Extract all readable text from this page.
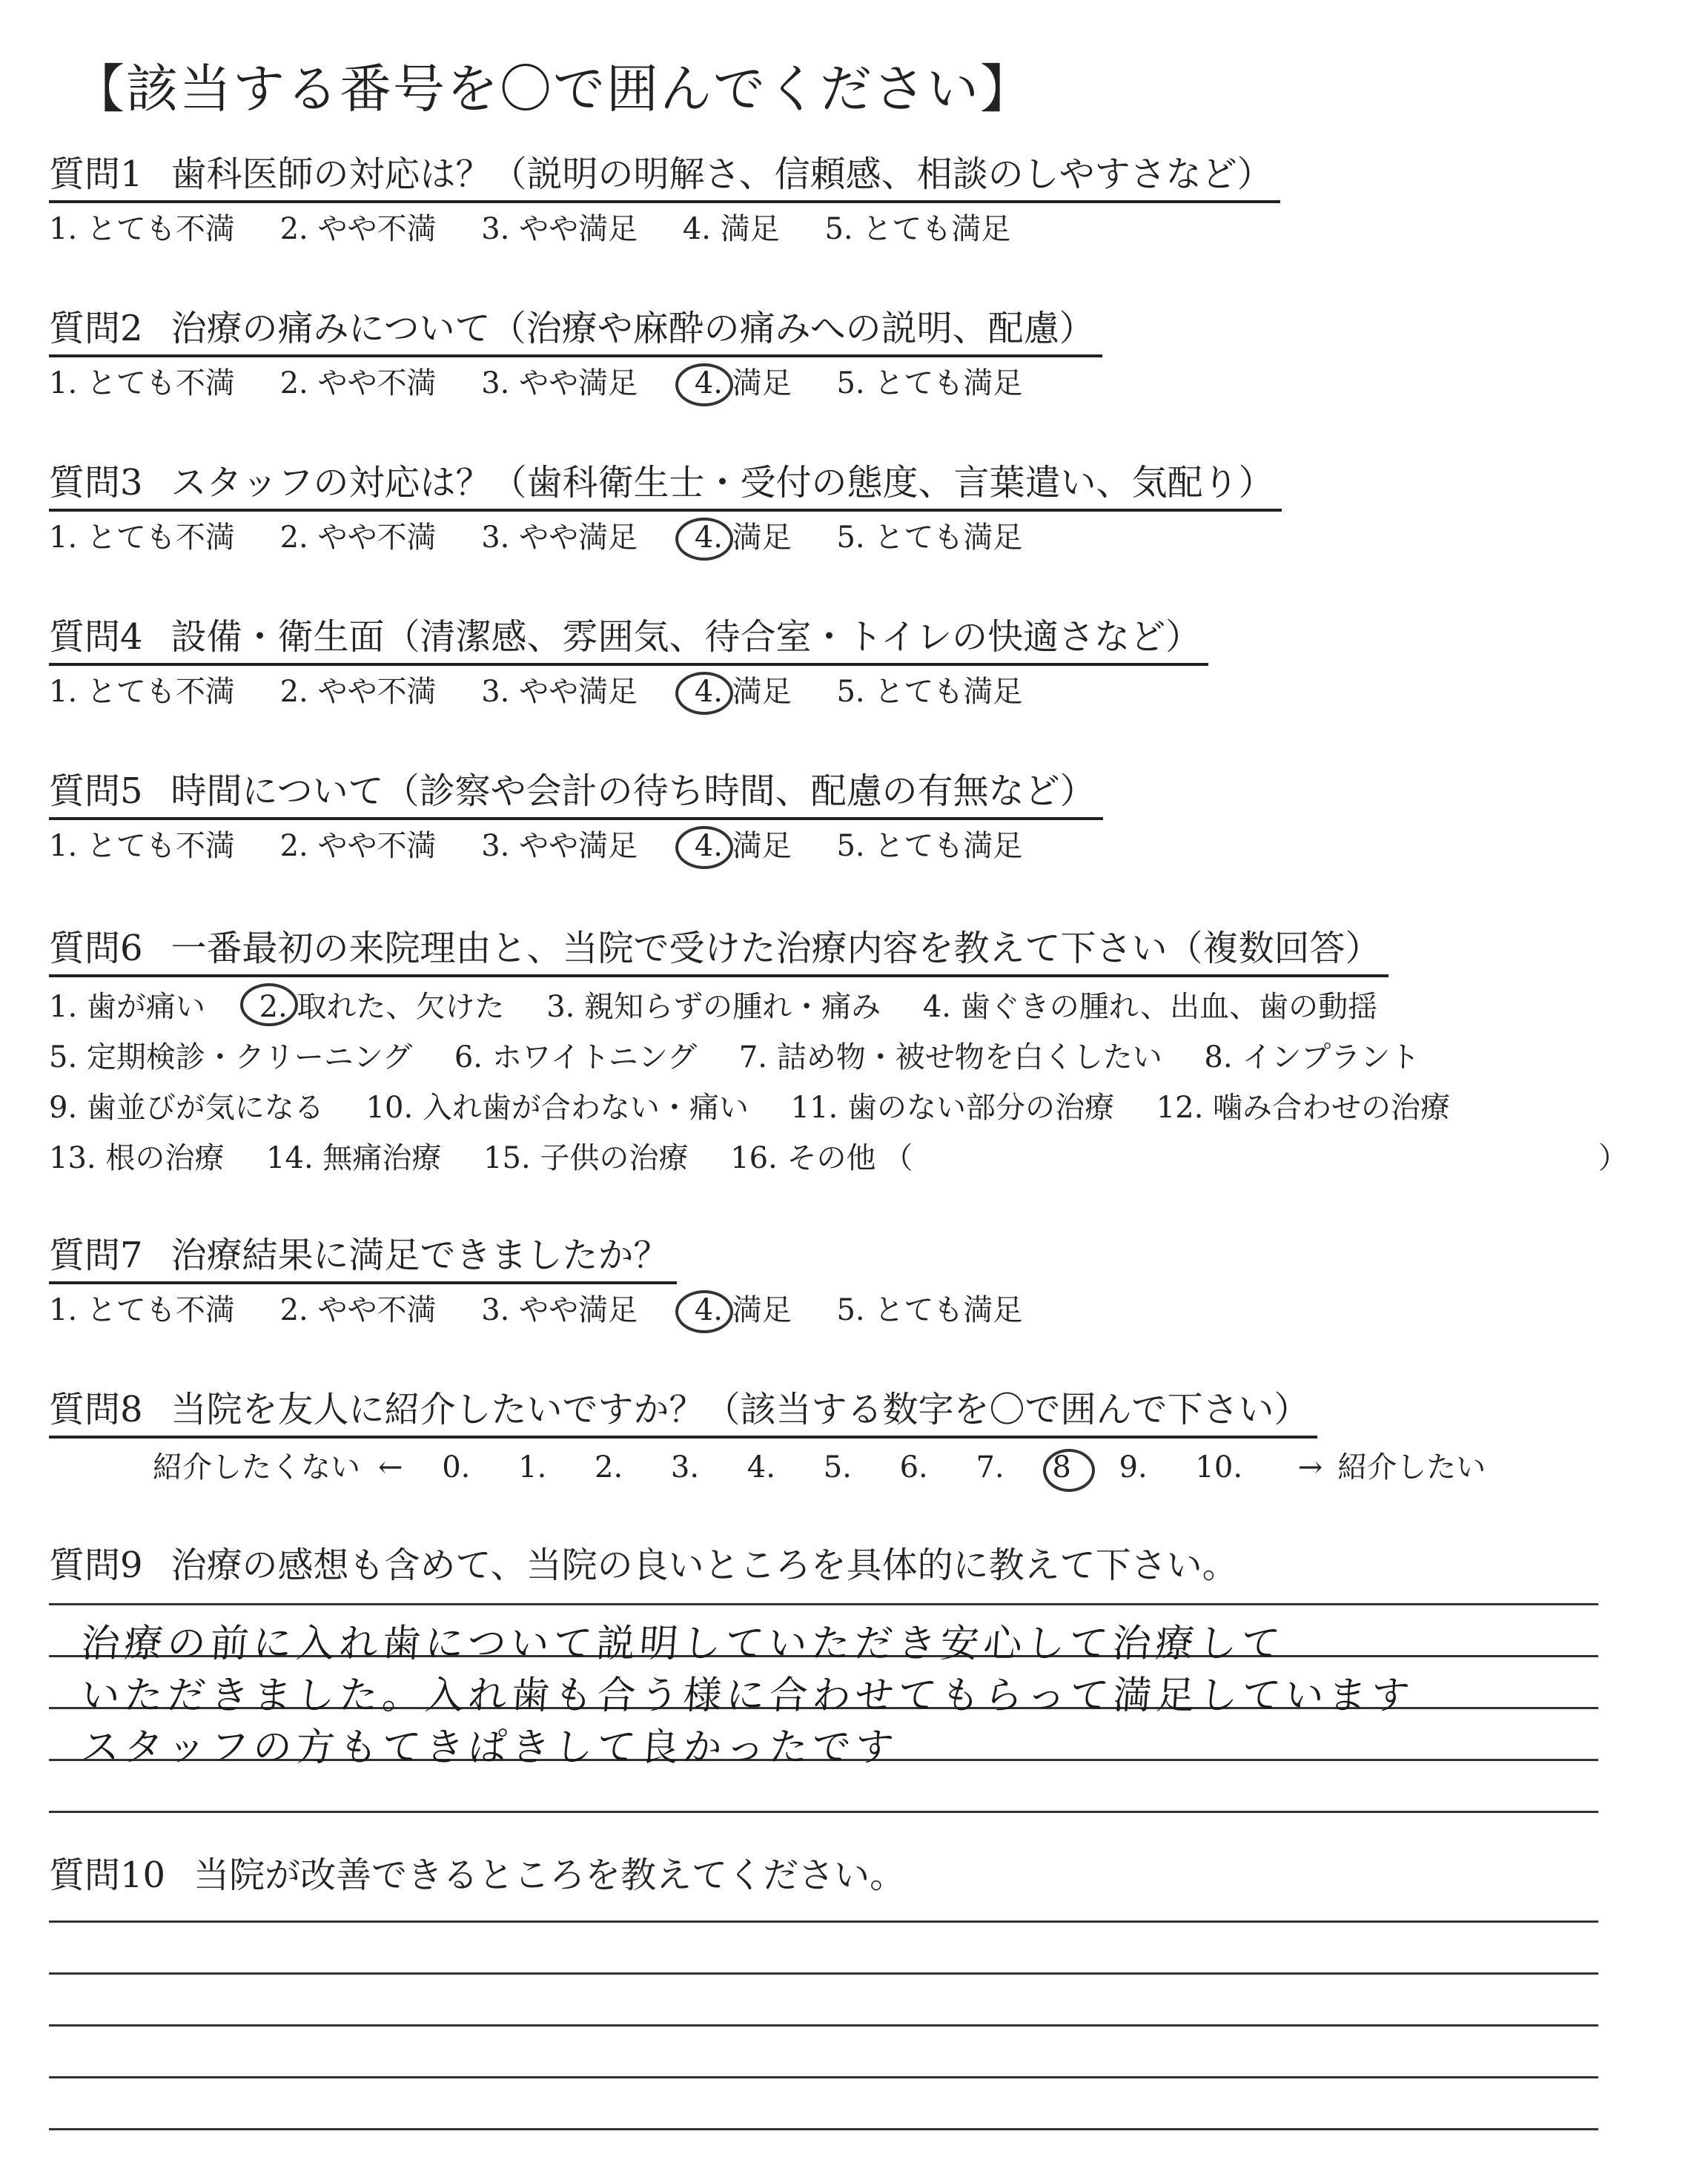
【該当する番号を〇で囲んでください】
質問1 歯科医師の対応は？（説明の明解さ、信頼感、相談のしやすさなど）
1. とても不満 2. やや不満 3. やや満足 4. 満足 5. とても満足
質問2 治療の痛みについて（治療や麻酔の痛みへの説明、配慮）
1. とても不満 2. やや不満 3. やや満足 4. 満足 5. とても満足
質問3 スタッフの対応は？（歯科衛生士・受付の態度、言葉遣い、気配り）
1. とても不満 2. やや不満 3. やや満足 4. 満足 5. とても満足
質問4 設備・衛生面（清潔感、雰囲気、待合室・トイレの快適さなど）
1. とても不満 2. やや不満 3. やや満足 4. 満足 5. とても満足
質問5 時間について（診察や会計の待ち時間、配慮の有無など）
1. とても不満 2. やや不満 3. やや満足 4. 満足 5. とても満足
質問6 一番最初の来院理由と、当院で受けた治療内容を教えて下さい（複数回答）
1. 歯が痛い 2. 取れた、欠けた 3. 親知らずの腫れ・痛み 4. 歯ぐきの腫れ、出血、歯の動揺
5. 定期検診・クリーニング 6. ホワイトニング 7. 詰め物・被せ物を白くしたい 8. インプラント
9. 歯並びが気になる 10. 入れ歯が合わない・痛い 11. 歯のない部分の治療 12. 噛み合わせの治療
13. 根の治療 14. 無痛治療 15. 子供の治療 16. その他 （	）
質問7 治療結果に満足できましたか？
1. とても不満 2. やや不満 3. やや満足 4. 満足 5. とても満足
質問8 当院を友人に紹介したいですか？（該当する数字を〇で囲んで下さい）
紹介したくない ← 0. 1. 2. 3. 4. 5. 6. 7. 8 9. 10. → 紹介したい
質問9 治療の感想も含めて、当院の良いところを具体的に教えて下さい。
治療の前に入れ歯について説明していただき安心して治療して
いただきました。入れ歯も合う様に合わせてもらって満足しています
スタッフの方もてきぱきして良かったです
質問10 当院が改善できるところを教えてください。
